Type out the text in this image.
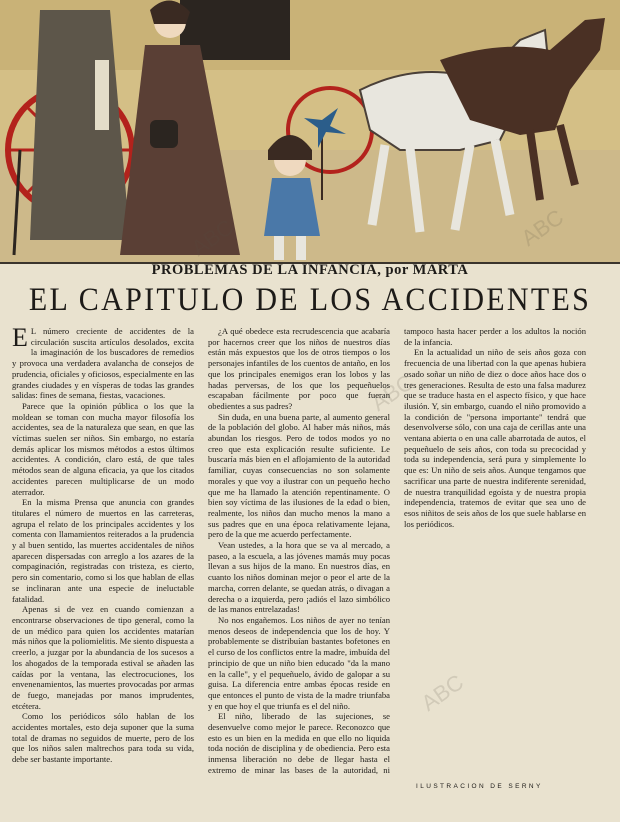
PROBLEMAS DE LA INFANCIA, por MARTA
EL CAPITULO DE LOS ACCIDENTES

E L número creciente de accidentes de la circulación suscita artículos desolados, excita la imaginación de los buscadores de remedios y provoca una verdadera avalancha de consejos de prudencia, oficiales y oficiosos, especialmente en las grandes ciudades y en vísperas de todas las grandes salidas: fines de semana, fiestas, vacaciones.

Parece que la opinión pública o los que la moldean se toman con mucha mayor filosofía los accidentes, sea de la naturaleza que sean, en que las víctimas suelen ser niños. Sin embargo, no estaría demás aplicar los mismos métodos a estos últimos accidentes. A condición, claro está, de que tales métodos sean de alguna eficacia, ya que los citados accidentes parecen multiplicarse de un modo aterrador.

En la misma Prensa que anuncia con grandes titulares el número de muertos en las carreteras, agrupa el relato de los principales accidentes y los comenta con llamamientos reiterados a la prudencia y al buen sentido, las muertes accidentales de niños aparecen dispersadas con arreglo a los azares de la compaginación, registradas con tristeza, es cierto, pero sin comentario, como si los que hablan de ellas se inclinaran ante una especie de ineluctable fatalidad.

Apenas si de vez en cuando comienzan a encontrarse observaciones de tipo general, como la de un médico para quien los accidentes matarían más niños que la poliomielitis. Me siento dispuesta a creerlo, a juzgar por la abundancia de los sucesos a los ahogados de la temporada estival se añaden las caídas por la ventana, las electrocuciones, los envenenamientos, las muertes provocadas por armas de fuego, manejadas por manos imprudentes, etcétera.

Como los periódicos sólo hablan de los accidentes mortales, esto deja suponer que la suma total de dramas no seguidos de muerte, pero de los que los niños salen maltrechos para toda su vida, debe ser bastante importante.

¿A qué obedece esta recrudescencia que acabaría por hacernos creer que los niños de nuestros días están más expuestos que los de otros tiempos o los personajes infantiles de los cuentos de antaño, en los que los principales enemigos eran los lobos y las hadas perversas, de los que los pequeñuelos escapaban fácilmente por poco que fueran obedientes a sus padres?

Sin duda, en una buena parte, al aumento general de la población del globo. Al haber más niños, más abundan los riesgos. Pero de todos modos yo no creo que esta explicación resulte suficiente. Le buscaría más bien en el aflojamiento de la autoridad familiar, cuyas consecuencias no son solamente morales y que voy a ilustrar con un pequeño hecho que me ha llamado la atención repentinamente. O bien soy víctima de las ilusiones de la edad o bien, realmente, los niños dan mucho menos la mano a sus padres que en una época relativamente lejana, pero de la que me acuerdo perfectamente.

Vean ustedes, a la hora que se va al mercado, a paseo, a la escuela, a las jóvenes mamás muy pocas llevan a sus hijos de la mano. En nuestros días, en cuanto los niños dominan mejor o peor el arte de la marcha, corren delante, se quedan atrás, o divagan a derecha o a izquierda, pero ¡adiós el lazo simbólico de las manos entrelazadas!

No nos engañemos. Los niños de ayer no tenían menos deseos de independencia que los de hoy. Y probablemente se distribuían bastantes bofetones en el curso de los conflictos entre la madre, imbuída del principio de que un niño bien educado "da la mano en la calle", y el pequeñuelo, ávido de galopar a su guisa. La diferencia entre ambas épocas reside en que entonces el punto de vista de la madre triunfaba y en que hoy el que triunfa es el del niño.

El niño, liberado de las sujeciones, se desenvuelve como mejor le parece. Reconozco que esto es un bien en la medida en que ello no liquida toda noción de disciplina y de obediencia. Pero esta inmensa liberación no debe de llegar hasta el extremo de minar las bases de la autoridad, ni tampoco hasta hacer perder a los adultos la noción de la infancia.

En la actualidad un niño de seis años goza con frecuencia de una libertad con la que apenas hubiera osado soñar un niño de diez o doce años hace dos o tres generaciones. Resulta de esto una falsa madurez que se traduce hasta en el aspecto físico, y que hace ilusión. Y, sin embargo, cuando el niño promovido a la condición de "persona importante" tendrá que desenvolverse sólo, con una caja de cerillas ante una ventana abierta o en una calle abarrotada de autos, el pequeñuelo de seis años, con toda su precocidad y toda su independencia, será pura y simplemente lo que es: Un niño de seis años. Aunque tengamos que sacrificar una parte de nuestra indiferente serenidad, de nuestra tranquilidad egoísta y de nuestra propia independencia, tratemos de evitar que sea uno de esos niñitos de seis años de los que suele hablarse en los periódicos.

ILUSTRACION DE SERNY
ABC
ABC
